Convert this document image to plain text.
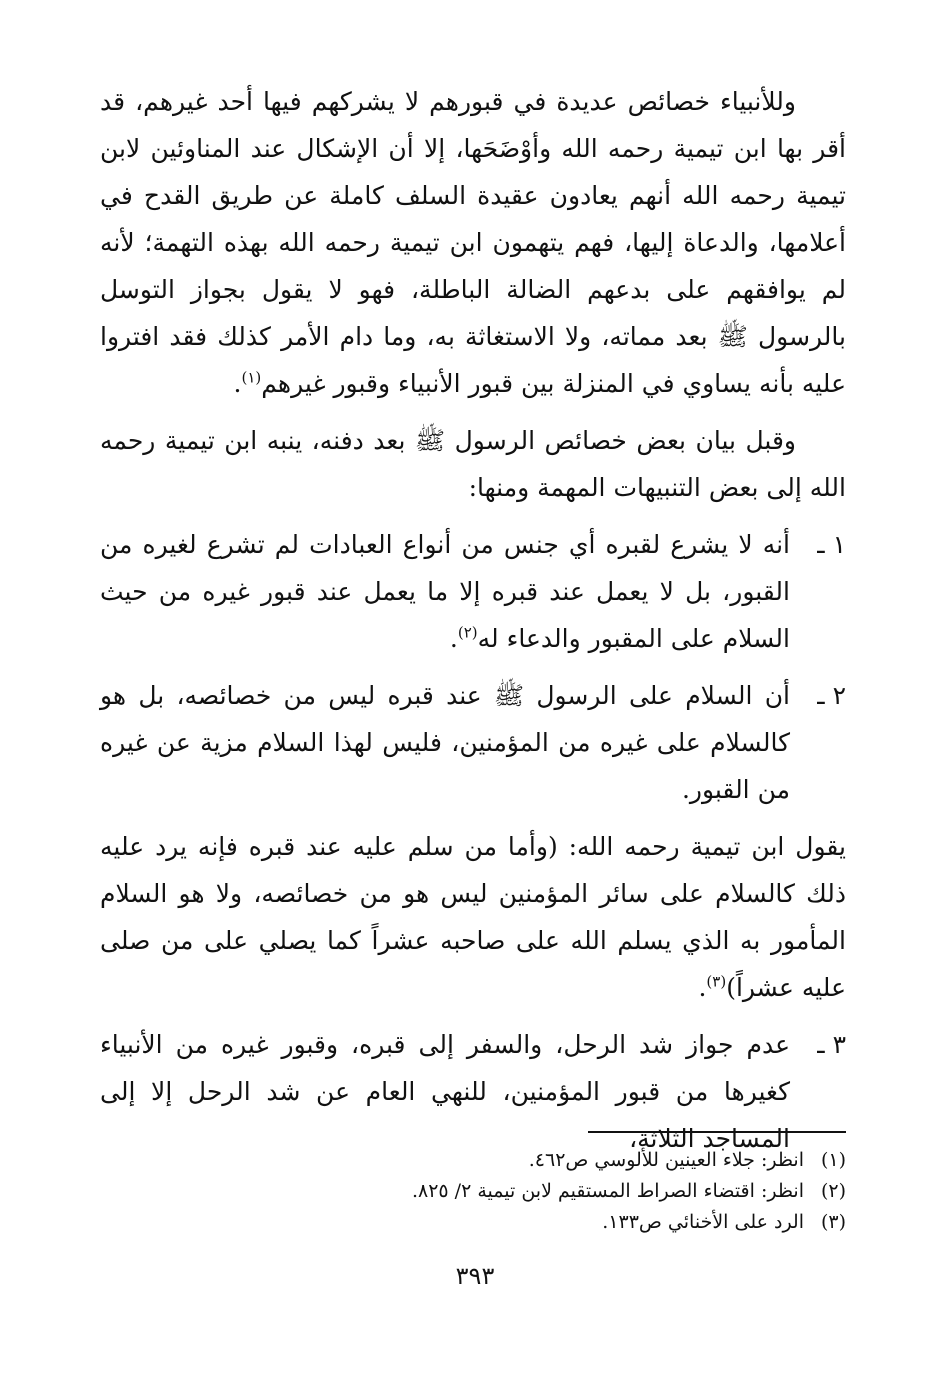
وللأنبياء خصائص عديدة في قبورهم لا يشركهم فيها أحد غيرهم، قد أقر بها ابن تيمية رحمه الله وأوْضَحَها، إلا أن الإشكال عند المناوئين لابن تيمية رحمه الله أنهم يعادون عقيدة السلف كاملة عن طريق القدح في أعلامها، والدعاة إليها، فهم يتهمون ابن تيمية رحمه الله بهذه التهمة؛ لأنه لم يوافقهم على بدعهم الضالة الباطلة، فهو لا يقول بجواز التوسل بالرسول ﷺ بعد مماته، ولا الاستغاثة به، وما دام الأمر كذلك فقد افتروا عليه بأنه يساوي في المنزلة بين قبور الأنبياء وقبور غيرهم$^{(١)}$.

وقبل بيان بعض خصائص الرسول ﷺ بعد دفنه، ينبه ابن تيمية رحمه الله إلى بعض التنبيهات المهمة ومنها:

١ ـ
أنه لا يشرع لقبره أي جنس من أنواع العبادات لم تشرع لغيره من القبور، بل لا يعمل عند قبره إلا ما يعمل عند قبور غيره من حيث السلام على المقبور والدعاء له$^{(٢)}$.
٢ ـ
أن السلام على الرسول ﷺ عند قبره ليس من خصائصه، بل هو كالسلام على غيره من المؤمنين، فليس لهذا السلام مزية عن غيره من القبور.

يقول ابن تيمية رحمه الله: (وأما من سلم عليه عند قبره فإنه يرد عليه ذلك كالسلام على سائر المؤمنين ليس هو من خصائصه، ولا هو السلام المأمور به الذي يسلم الله على صاحبه عشراً كما يصلي على من صلى عليه عشراً)$^{(٣)}$.

٣ ـ
عدم جواز شد الرحل، والسفر إلى قبره، وقبور غيره من الأنبياء كغيرها من قبور المؤمنين، للنهي العام عن شد الرحل إلا إلى المساجد الثلاثة،
(١)
انظر: جلاء العينين للألوسي ص٤٦٢.
(٢)
انظر: اقتضاء الصراط المستقيم لابن تيمية ٢/ ٨٢٥.
(٣)
الرد على الأخنائي ص١٣٣.
٣٩٣
